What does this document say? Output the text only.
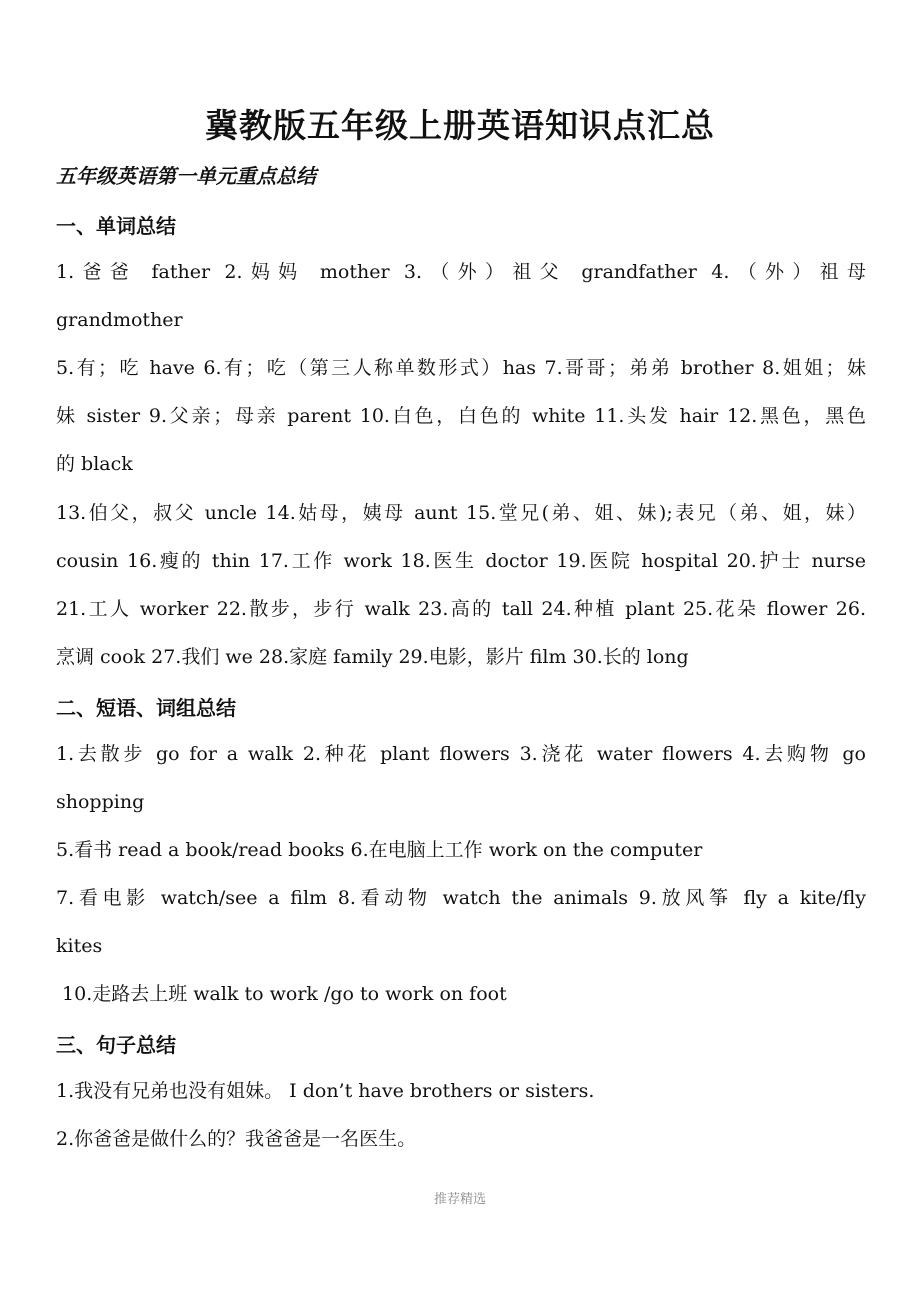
冀教版五年级上册英语知识点汇总
五年级英语第一单元重点总结
一、单词总结
1.爸爸 father 2.妈妈 mother 3.（外）祖父 grandfather 4.（外）祖母
grandmother
5.有；吃 have 6.有；吃（第三人称单数形式）has 7.哥哥；弟弟 brother 8.姐姐；妹
妹 sister 9.父亲；母亲 parent 10.白色，白色的 white 11.头发 hair 12.黑色，黑色
的 black
13.伯父，叔父 uncle 14.姑母，姨母 aunt 15.堂兄(弟、姐、妹);表兄（弟、姐，妹）
cousin 16.瘦的 thin 17.工作 work 18.医生 doctor 19.医院 hospital 20.护士 nurse
21.工人 worker 22.散步，步行 walk 23.高的 tall 24.种植 plant 25.花朵 flower 26.
烹调 cook 27.我们 we 28.家庭 family 29.电影，影片 film 30.长的 long
二、短语、词组总结
1.去散步 go for a walk 2.种花 plant flowers 3.浇花 water flowers 4.去购物 go
shopping
5.看书 read a book/read books 6.在电脑上工作 work on the computer
7.看电影 watch/see a film 8.看动物 watch the animals 9.放风筝 fly a kite/fly
kites
10.走路去上班 walk to work /go to work on foot
三、句子总结
1.我没有兄弟也没有姐妹。 I don’t have brothers or sisters.
2.你爸爸是做什么的？我爸爸是一名医生。
推荐精选
